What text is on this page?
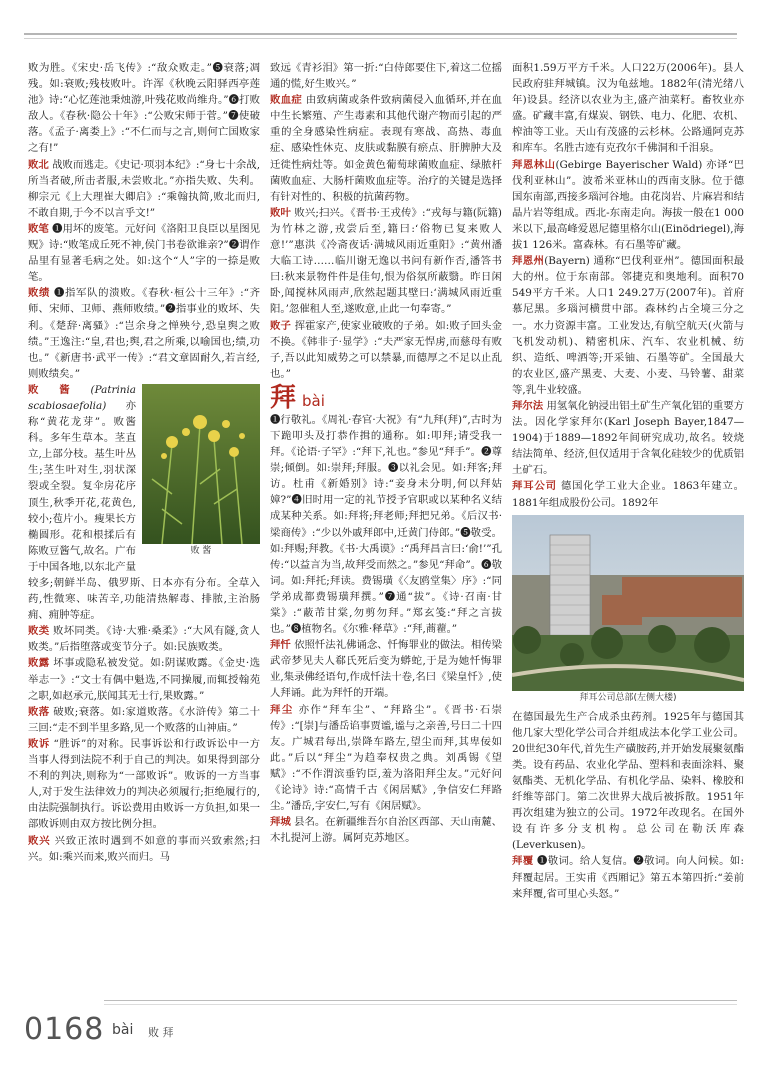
败为胜。《宋史·岳飞传》:“敌众败走。”❺衰落;凋残。如:衰败;残枝败叶。许浑《秋晚云阳驿西亭莲池》诗:“心忆莲池秉烛游,叶残花败尚维舟。”❻打败敌人。《春秋·隐公十年》:“公败宋师于菅。”❼使破落。《孟子·离娄上》:“不仁而与之言,则何亡国败家之有!”

败北 战败而逃走。《史记·项羽本纪》:“身七十余战,所当者破,所击者服,未尝败北。”亦指失败、失利。柳宗元《上大理崔大卿启》:“乘翰执简,败北而归,不敢自期,于今不以言乎文!”

败笔 ❶用坏的废笔。元好问《洛阳卫良臣以星图见贶》诗:“败笔成丘死不神,侯门书卷欲谁亲?”❷谓作品里有显著毛病之处。如:这个“人”字的一捺是败笔。

败绩 ❶指军队的溃败。《春秋·桓公十三年》:“齐师、宋师、卫师、燕师败绩。”❷指事业的败坏、失利。《楚辞·离骚》:“岂余身之惮殃兮,恐皇舆之败绩。”王逸注:“皇,君也;舆,君之所乘,以喻国也;绩,功也。”《新唐书·武平一传》:“君文章固耐久,若言经,则败绩矣。”

败 酱

败酱(Patrinia scabiosaefolia) 亦称“黄花龙芽”。败酱科。多年生草本。茎直立,上部分枝。基生叶丛生;茎生叶对生,羽状深裂或全裂。复伞房花序顶生,秋季开花,花黄色,较小;苞片小。瘦果长方椭圆形。花和根揉后有陈败豆酱气,故名。广布于中国各地,以东北产量较多;朝鲜半岛、俄罗斯、日本亦有分布。全草入药,性微寒、味苦辛,功能清热解毒、排脓,主治肠痈、痈肿等症。

败类 败坏同类。《诗·大雅·桑柔》:“大风有隧,贪人败类。”后指堕落或变节分子。如:民族败类。

败露 坏事或隐私被发觉。如:阴谋败露。《金史·选举志一》:“文士有偶中魁选,不同操履,而辄授翰苑之职,如赵承元,朕闻其无士行,果败露。”

败落 破败;衰落。如:家道败落。《水浒传》第二十三回:“走不到半里多路,见一个败落的山神庙。”

败诉 “胜诉”的对称。民事诉讼和行政诉讼中一方当事人得到法院不利于自己的判决。如果得到部分不利的判决,则称为“一部败诉”。败诉的一方当事人,对于发生法律效力的判决必须履行;拒绝履行的,由法院强制执行。诉讼费用由败诉一方负担,如果一部败诉则由双方按比例分担。

败兴 兴致正浓时遇到不如意的事而兴致索然;扫兴。如:乘兴而来,败兴而归。马

致远《青衫泪》第一折:“白侍郎要住下,着这二位摇通的慌,好生败兴。”

败血症 由致病菌或条件致病菌侵入血循环,并在血中生长繁殖、产生毒素和其他代谢产物而引起的严重的全身感染性病症。表现有寒战、高热、毒血症、感染性休克、皮肤或黏膜有瘀点、肝脾肿大及迁徙性病灶等。如金黄色葡萄球菌败血症、绿脓杆菌败血症、大肠杆菌败血症等。治疗的关键是选择有针对性的、积极的抗菌药物。

败叶 败兴;扫兴。《晋书·王戎传》:“戎每与籍(阮籍)为竹林之游,戎尝后至,籍曰:‘俗物已复来败人意!’”惠洪《冷斋夜话·满城风雨近重阳》:“黄州潘大临工诗……临川谢无逸以书问有新作否,潘答书曰:秋来景物件件是佳句,恨为俗氛所蔽翳。昨日闲卧,闻搅林风雨声,欣然起题其壁曰:‘满城风雨近重阳。’忽催租人至,遂败意,止此一句奉寄。”

败子 挥霍家产,使家业破败的子弟。如:败子回头金不换。《韩非子·显学》:“夫严家无悍虏,而慈母有败子,吾以此知威势之可以禁暴,而德厚之不足以止乱也。”

拜 bài

❶行敬礼。《周礼·春官·大祝》有“九拜(拜)”,古时为下跪叩头及打恭作揖的通称。如:叩拜;请受我一拜。《论语·子罕》:“拜下,礼也。”参见“拜手”。❷尊崇;倾倒。如:崇拜;拜服。❸以礼会见。如:拜客;拜访。杜甫《新婚别》诗:“妾身未分明,何以拜姑嫜?”❹旧时用一定的礼节授予官职或以某种名义结成某种关系。如:拜将;拜老师;拜把兄弟。《后汉书·梁商传》:“少以外戚拜郎中,迁黄门侍郎。”❺敬受。如:拜赐;拜教。《书·大禹谟》:“禹拜昌言曰:‘俞!’”孔传:“以益言为当,故拜受而然之。”参见“拜命”。❻敬词。如:拜托;拜读。费锡璜《〈友鸥堂集〉序》:“同学弟成都费锡璜拜撰。”❼通“拔”。《诗·召南·甘棠》:“蔽芾甘棠,勿剪勿拜。”郑玄笺:“拜之言拔也。”❽植物名。《尔雅·释草》:“拜,蔏藋。”

拜忏 依照忏法礼佛诵念、忏悔罪业的做法。相传梁武帝梦见夫人郗氏死后变为蟒蛇,于是为她忏悔罪业,集录佛经语句,作成忏法十卷,名曰《梁皇忏》,使人拜诵。此为拜忏的开端。

拜尘 亦作“拜车尘”、“拜路尘”。《晋书·石崇传》:“[崇]与潘岳谄事贾谧,谧与之亲善,号曰二十四友。广城君每出,崇降车路左,望尘而拜,其卑佞如此。”后以“拜尘”为趋奉权贵之典。刘禹锡《望赋》:“不作渭滨垂钓臣,羞为洛阳拜尘友。”元好问《论诗》诗:“高情千古《闲居赋》,争信安仁拜路尘。”潘岳,字安仁,写有《闲居赋》。

拜城 县名。在新疆维吾尔自治区西部、天山南麓、木扎提河上游。属阿克苏地区。

面积1.59万平方千米。人口22万(2006年)。县人民政府驻拜城镇。汉为龟兹地。1882年(清光绪八年)设县。经济以农业为主,盛产油菜籽。畜牧业亦盛。矿藏丰富,有煤炭、钢铁、电力、化肥、农机、榨油等工业。天山有茂盛的云杉林。公路通阿克苏和库车。名胜古迹有克孜尔千佛洞和千泪泉。

拜恩林山(Gebirge Bayerischer Wald) 亦译“巴伐利亚林山”。波希米亚林山的西南支脉。位于德国东南部,西接多瑙河谷地。由花岗岩、片麻岩和结晶片岩等组成。西北-东南走向。海拔一般在1 000米以下,最高峰爱恩尼德里格尔山(Einödriegel),海拔1 126米。富森林。有石墨等矿藏。

拜恩州(Bayern) 通称“巴伐利亚州”。德国面积最大的州。位于东南部。邻捷克和奥地利。面积70 549平方千米。人口1 249.27万(2007年)。首府慕尼黑。多瑙河横贯中部。森林约占全境三分之一。水力资源丰富。工业发达,有航空航天(火箭与飞机发动机)、精密机床、汽车、农业机械、纺织、造纸、啤酒等;开采铀、石墨等矿。全国最大的农业区,盛产黑麦、大麦、小麦、马铃薯、甜菜等,乳牛业较盛。

拜尔法 用氢氧化钠浸出铝土矿生产氧化铝的重要方法。因化学家拜尔(Karl Joseph Bayer,1847—1904)于1889—1892年间研究成功,故名。较烧结法简单、经济,但仅适用于含氧化硅较少的优质铝土矿石。

拜耳公司 德国化学工业大企业。1863年建立。1881年组成股份公司。1892年

拜耳公司总部(左侧大楼)

在德国最先生产合成杀虫药剂。1925年与德国其他几家大型化学公司合并组成法本化学工业公司。20世纪30年代,首先生产磺胺药,并开始发展聚氨酯类。设有药品、农业化学品、塑料和表面涂料、聚氨酯类、无机化学品、有机化学品、染料、橡胶和纤维等部门。第二次世界大战后被拆散。1951年再次组建为独立的公司。1972年改现名。在国外设有许多分支机构。总公司在勒沃库森(Leverkusen)。

拜覆 ❶敬词。给人复信。❷敬词。向人问候。如:拜覆起居。王实甫《西厢记》第五本第四折:“姜前来拜覆,省可里心头怒。”

0168 bài 败 拜
